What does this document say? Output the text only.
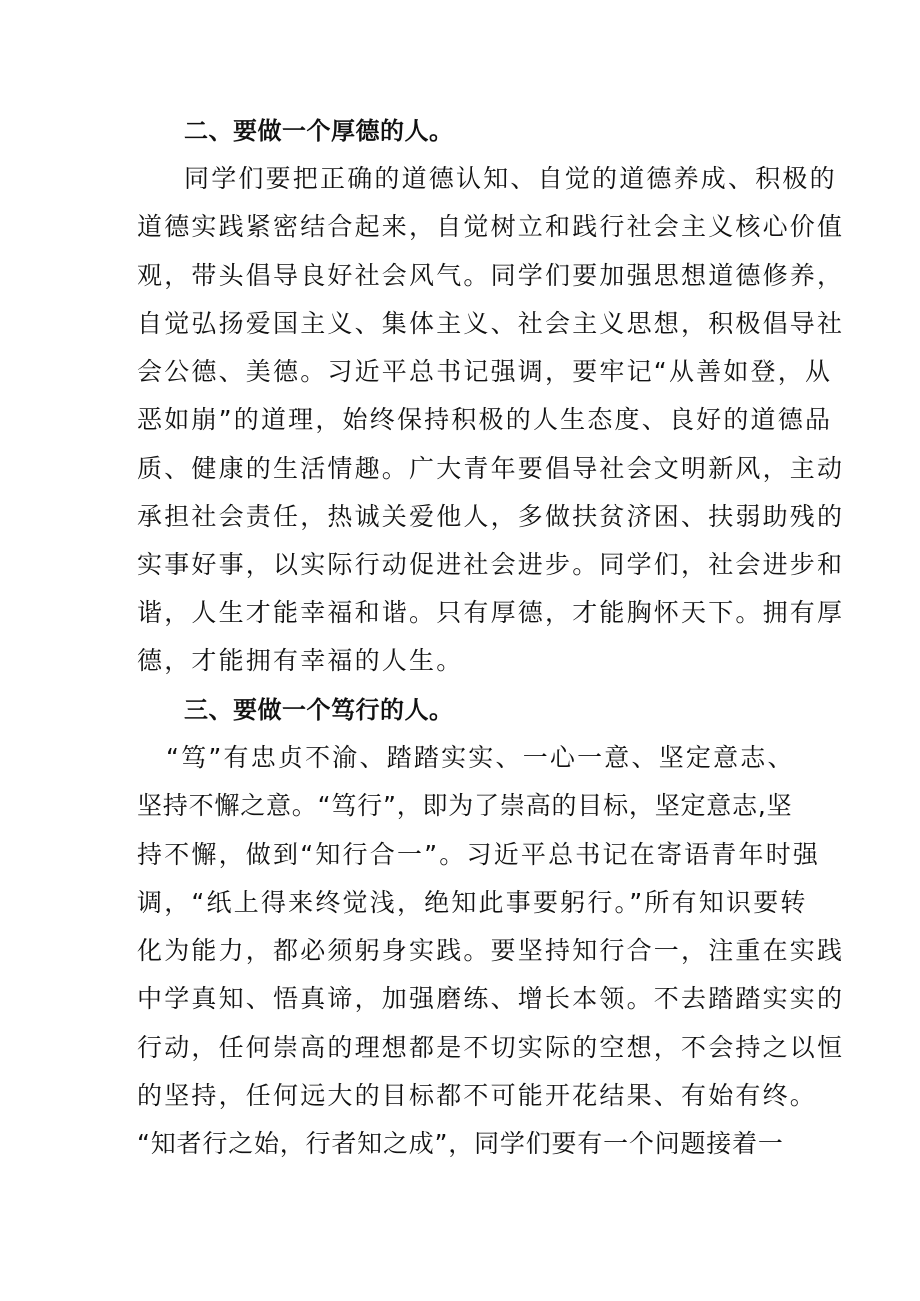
二、要做一个厚德的人。
同学们要把正确的道德认知、自觉的道德养成、积极的
道德实践紧密结合起来，自觉树立和践行社会主义核心价值
观，带头倡导良好社会风气。同学们要加强思想道德修养，
自觉弘扬爱国主义、集体主义、社会主义思想，积极倡导社
会公德、美德。习近平总书记强调，要牢记“从善如登，从
恶如崩”的道理，始终保持积极的人生态度、良好的道德品
质、健康的生活情趣。广大青年要倡导社会文明新风，主动
承担社会责任，热诚关爱他人，多做扶贫济困、扶弱助残的
实事好事，以实际行动促进社会进步。同学们，社会进步和
谐，人生才能幸福和谐。只有厚德，才能胸怀天下。拥有厚
德，才能拥有幸福的人生。
三、要做一个笃行的人。
“笃”有忠贞不渝、踏踏实实、一心一意、坚定意志、
坚持不懈之意。“笃行”，即为了崇高的目标，坚定意志,坚
持不懈，做到“知行合一”。习近平总书记在寄语青年时强
调，“纸上得来终觉浅，绝知此事要躬行。”所有知识要转
化为能力，都必须躬身实践。要坚持知行合一，注重在实践
中学真知、悟真谛，加强磨练、增长本领。不去踏踏实实的
行动，任何崇高的理想都是不切实际的空想，不会持之以恒
的坚持，任何远大的目标都不可能开花结果、有始有终。
“知者行之始，行者知之成”，同学们要有一个问题接着一
